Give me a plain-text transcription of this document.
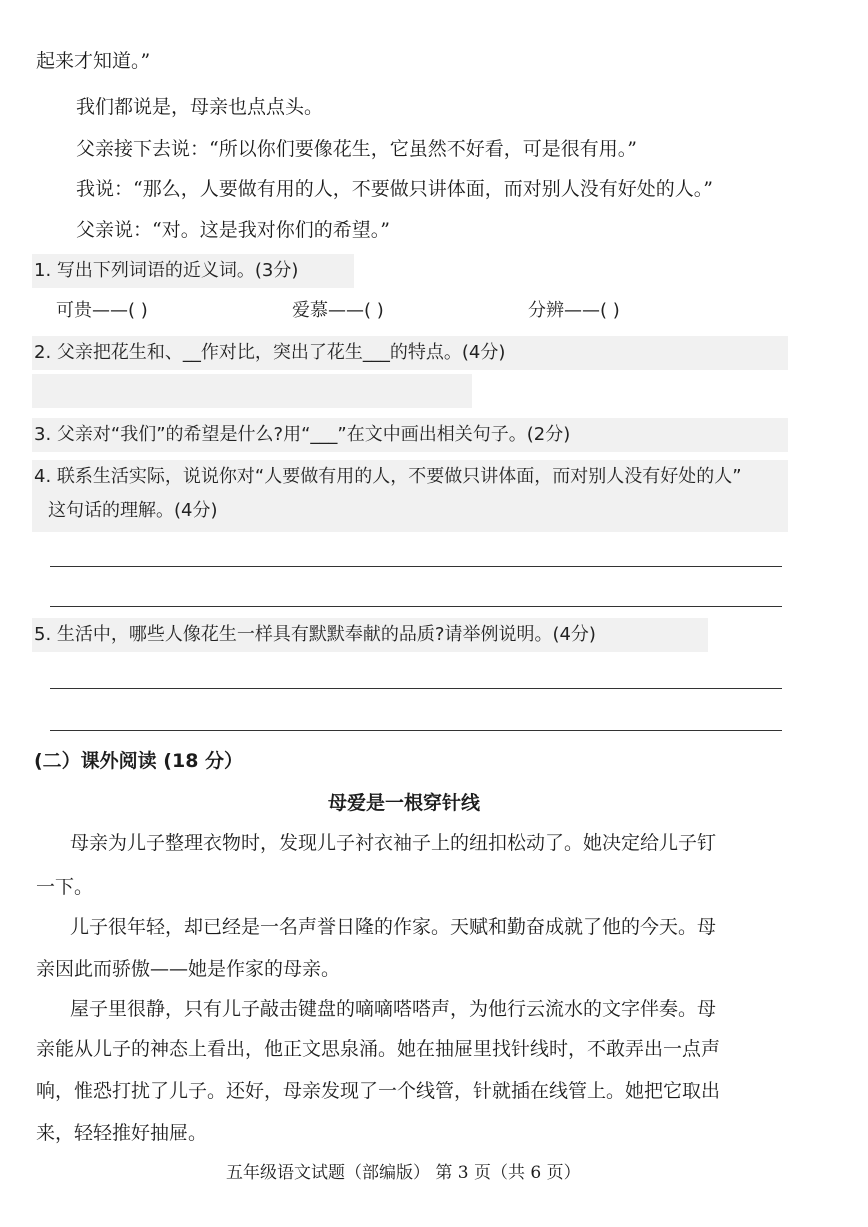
起来才知道。”
我们都说是，母亲也点点头。
父亲接下去说：“所以你们要像花生，它虽然不好看，可是很有用。”
我说：“那么，人要做有用的人，不要做只讲体面，而对别人没有好处的人。”
父亲说：“对。这是我对你们的希望。”
1. 写出下列词语的近义词。(3分)
可贵——( )	爱慕——( )	分辨——( )
2. 父亲把花生和、__作对比，突出了花生___的特点。(4分)
3. 父亲对“我们”的希望是什么?用“___”在文中画出相关句子。(2分)
4. 联系生活实际，说说你对“人要做有用的人，不要做只讲体面，而对别人没有好处的人”
这句话的理解。(4分)
5. 生活中，哪些人像花生一样具有默默奉献的品质?请举例说明。(4分)
(二）课外阅读 (18 分）
母爱是一根穿针线
母亲为儿子整理衣物时，发现儿子衬衣袖子上的纽扣松动了。她决定给儿子钉
一下。
儿子很年轻，却已经是一名声誉日隆的作家。天赋和勤奋成就了他的今天。母
亲因此而骄傲——她是作家的母亲。
屋子里很静，只有儿子敲击键盘的嘀嘀嗒嗒声，为他行云流水的文字伴奏。母
亲能从儿子的神态上看出，他正文思泉涌。她在抽屉里找针线时，不敢弄出一点声
响，惟恐打扰了儿子。还好，母亲发现了一个线管，针就插在线管上。她把它取出
来，轻轻推好抽屉。
五年级语文试题（部编版） 第 3 页（共 6 页）
